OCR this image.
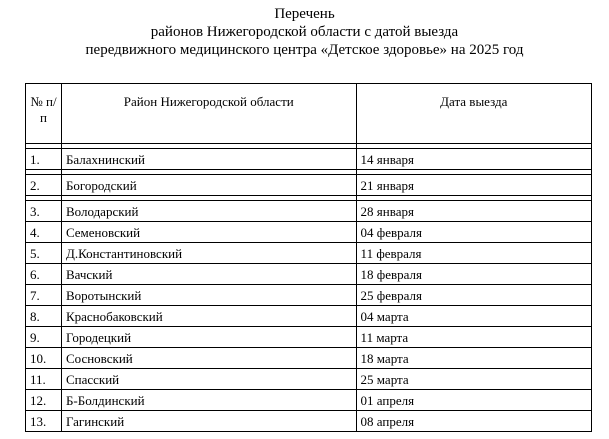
Перечень
районов Нижегородской области с датой выезда
передвижного медицинского центра «Детское здоровье» на 2025 год
№ п/п	Район Нижегородской области	Дата выезда

1.	Балахнинский	14 января

2.	Богородский	21 января

3.	Володарский	28 января
4.	Семеновский	04 февраля
5.	Д.Константиновский	11 февраля
6.	Вачский	18 февраля
7.	Воротынский	25 февраля
8.	Краснобаковский	04 марта
9.	Городецкий	11 марта
10.	Сосновский	18 марта
11.	Спасский	25 марта
12.	Б-Болдинский	01 апреля
13.	Гагинский	08 апреля
